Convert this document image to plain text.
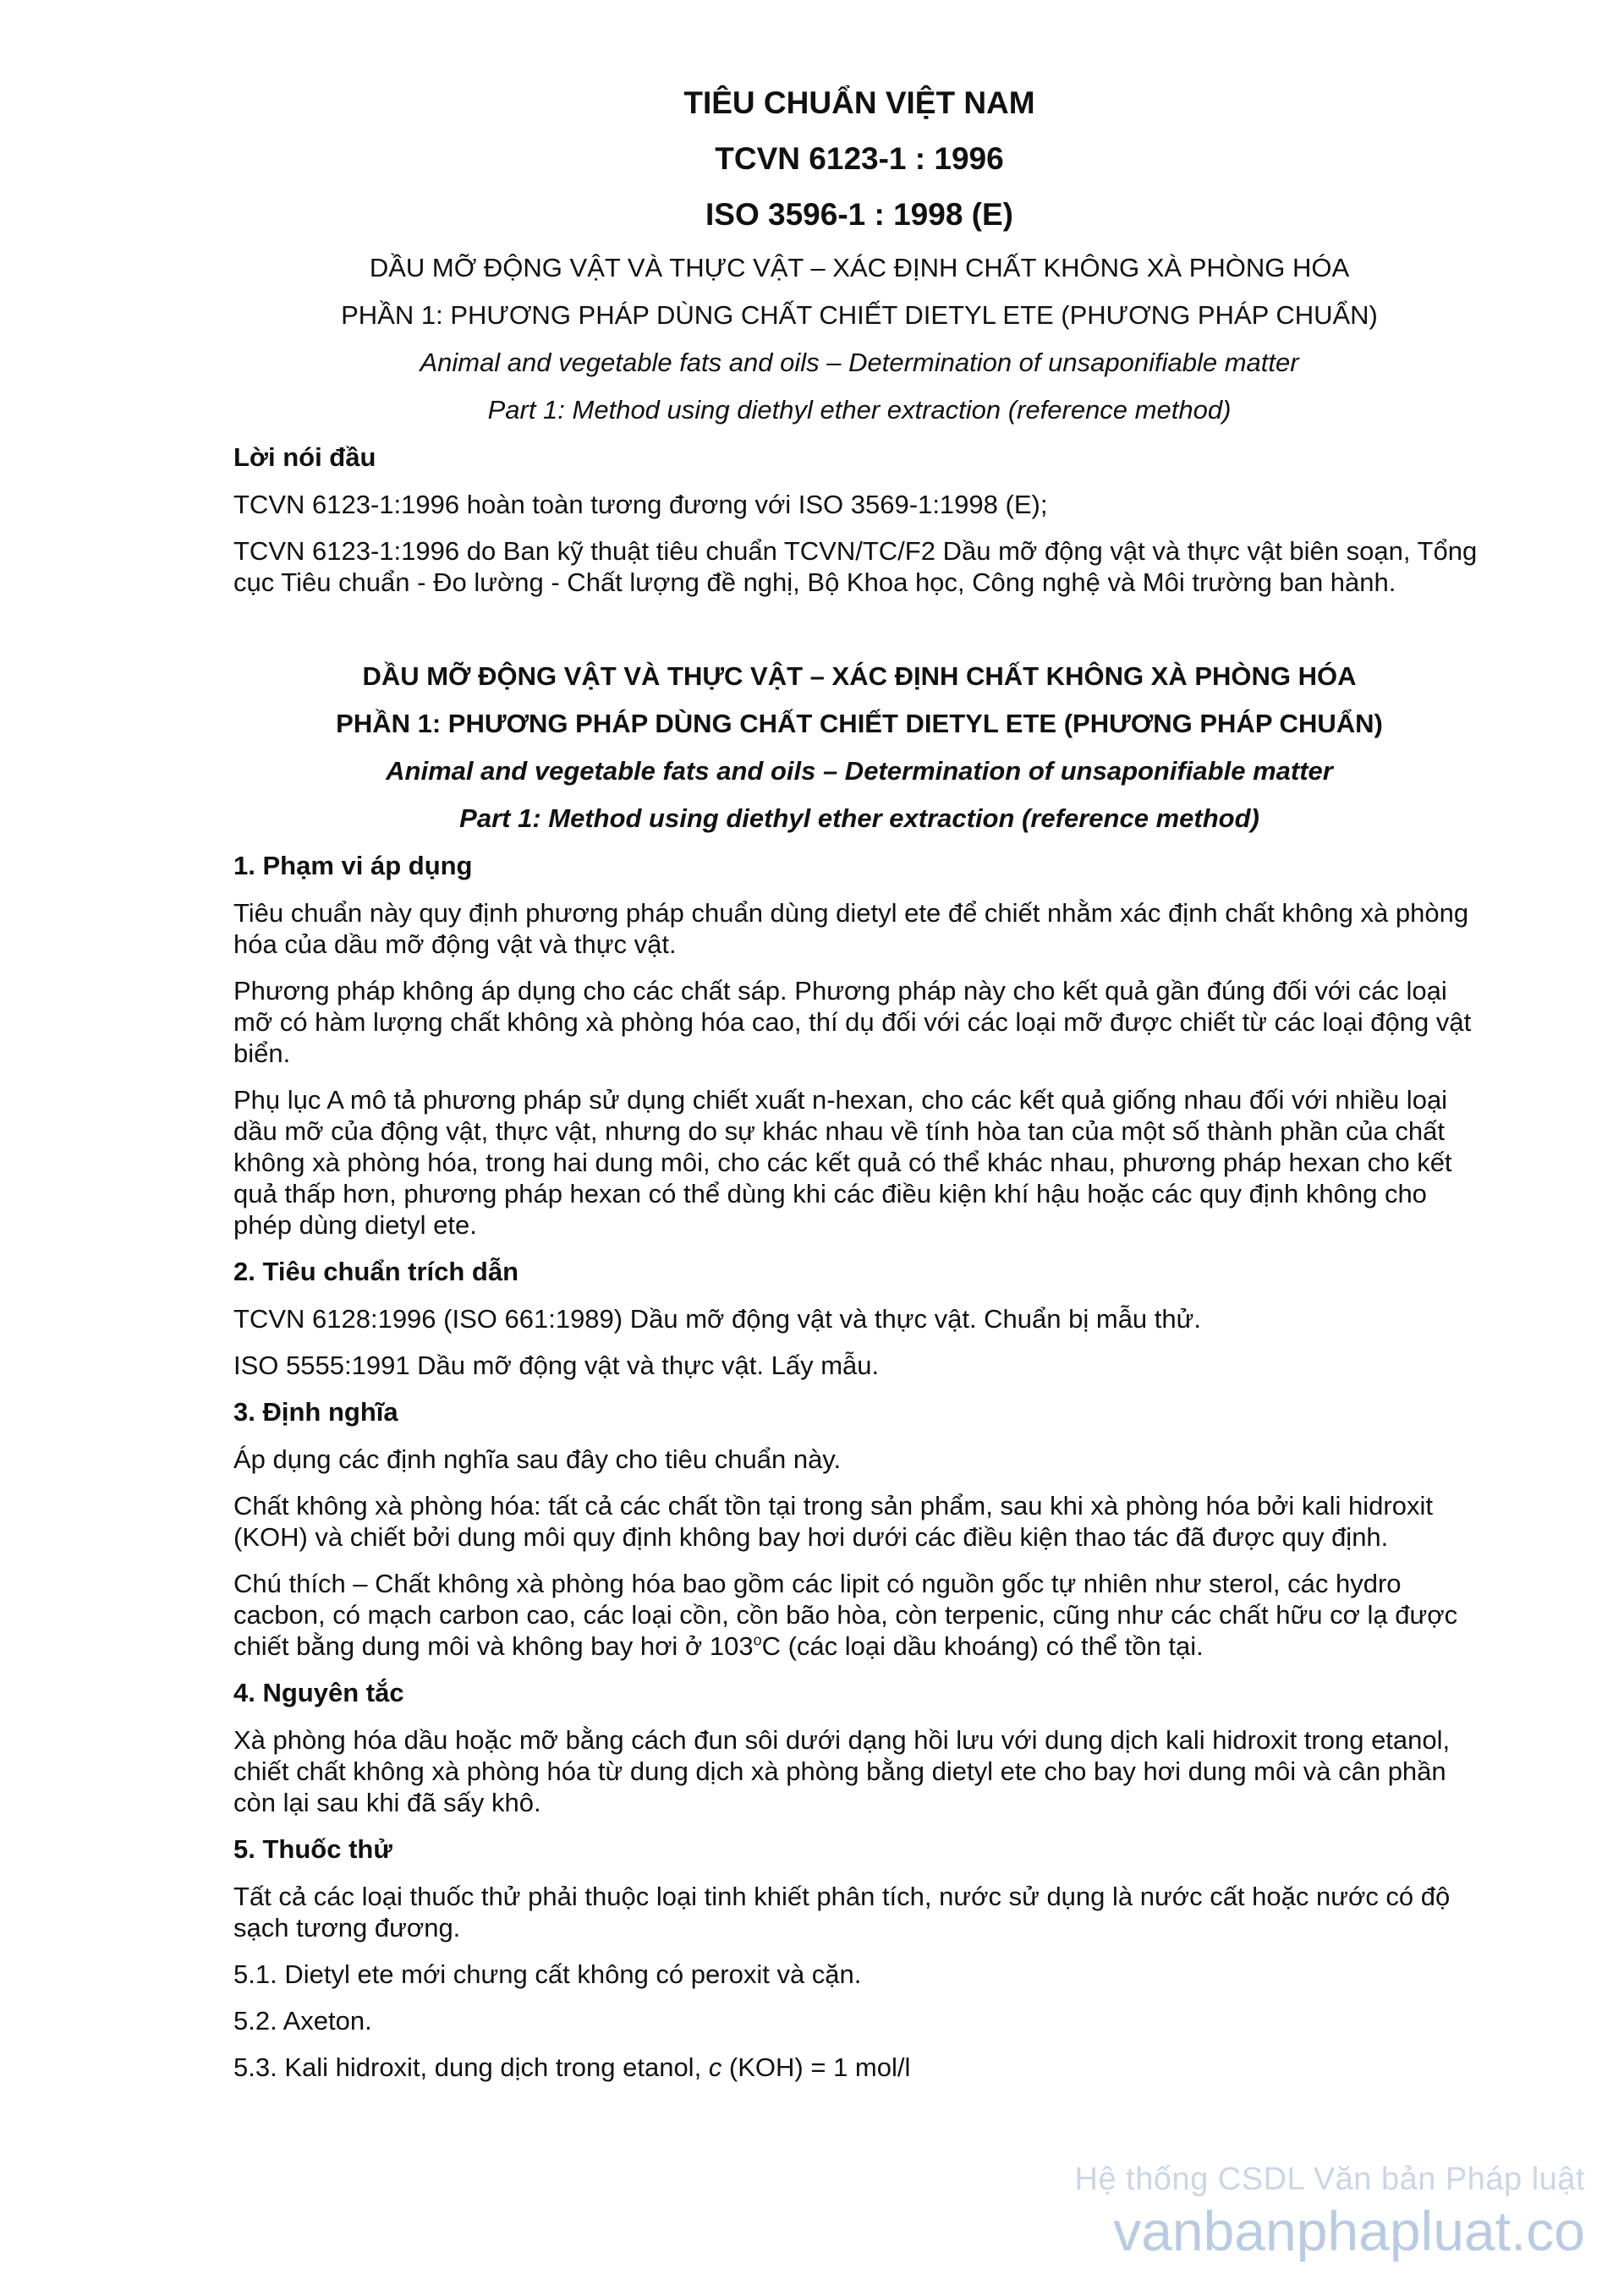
TIÊU CHUẨN VIỆT NAM
TCVN 6123-1 : 1996
ISO 3596-1 : 1998 (E)
DẦU MỠ ĐỘNG VẬT VÀ THỰC VẬT – XÁC ĐỊNH CHẤT KHÔNG XÀ PHÒNG HÓA
PHẦN 1: PHƯƠNG PHÁP DÙNG CHẤT CHIẾT DIETYL ETE (PHƯƠNG PHÁP CHUẨN)
Animal and vegetable fats and oils – Determination of unsaponifiable matter
Part 1: Method using diethyl ether extraction (reference method)
Lời nói đầu
TCVN 6123-1:1996 hoàn toàn tương đương với ISO 3569-1:1998 (E);
TCVN 6123-1:1996 do Ban kỹ thuật tiêu chuẩn TCVN/TC/F2 Dầu mỡ động vật và thực vật biên soạn, Tổng cục Tiêu chuẩn - Đo lường - Chất lượng đề nghị, Bộ Khoa học, Công nghệ và Môi trường ban hành.
DẦU MỠ ĐỘNG VẬT VÀ THỰC VẬT – XÁC ĐỊNH CHẤT KHÔNG XÀ PHÒNG HÓA
PHẦN 1: PHƯƠNG PHÁP DÙNG CHẤT CHIẾT DIETYL ETE (PHƯƠNG PHÁP CHUẨN)
Animal and vegetable fats and oils – Determination of unsaponifiable matter
Part 1: Method using diethyl ether extraction (reference method)
1. Phạm vi áp dụng
Tiêu chuẩn này quy định phương pháp chuẩn dùng dietyl ete để chiết nhằm xác định chất không xà phòng hóa của dầu mỡ động vật và thực vật.
Phương pháp không áp dụng cho các chất sáp. Phương pháp này cho kết quả gần đúng đối với các loại mỡ có hàm lượng chất không xà phòng hóa cao, thí dụ đối với các loại mỡ được chiết từ các loại động vật biển.
Phụ lục A mô tả phương pháp sử dụng chiết xuất n-hexan, cho các kết quả giống nhau đối với nhiều loại dầu mỡ của động vật, thực vật, nhưng do sự khác nhau về tính hòa tan của một số thành phần của chất không xà phòng hóa, trong hai dung môi, cho các kết quả có thể khác nhau, phương pháp hexan cho kết quả thấp hơn, phương pháp hexan có thể dùng khi các điều kiện khí hậu hoặc các quy định không cho phép dùng dietyl ete.
2. Tiêu chuẩn trích dẫn
TCVN 6128:1996 (ISO 661:1989) Dầu mỡ động vật và thực vật. Chuẩn bị mẫu thử.
ISO 5555:1991 Dầu mỡ động vật và thực vật. Lấy mẫu.
3. Định nghĩa
Áp dụng các định nghĩa sau đây cho tiêu chuẩn này.
Chất không xà phòng hóa: tất cả các chất tồn tại trong sản phẩm, sau khi xà phòng hóa bởi kali hidroxit (KOH) và chiết bởi dung môi quy định không bay hơi dưới các điều kiện thao tác đã được quy định.
Chú thích – Chất không xà phòng hóa bao gồm các lipit có nguồn gốc tự nhiên như sterol, các hydro cacbon, có mạch carbon cao, các loại cồn, cồn bão hòa, còn terpenic, cũng như các chất hữu cơ lạ được chiết bằng dung môi và không bay hơi ở 103$^o$C (các loại dầu khoáng) có thể tồn tại.
4. Nguyên tắc
Xà phòng hóa dầu hoặc mỡ bằng cách đun sôi dưới dạng hồi lưu với dung dịch kali hidroxit trong etanol, chiết chất không xà phòng hóa từ dung dịch xà phòng bằng dietyl ete cho bay hơi dung môi và cân phần còn lại sau khi đã sấy khô.
5. Thuốc thử
Tất cả các loại thuốc thử phải thuộc loại tinh khiết phân tích, nước sử dụng là nước cất hoặc nước có độ sạch tương đương.
5.1. Dietyl ete mới chưng cất không có peroxit và cặn.
5.2. Axeton.
5.3. Kali hidroxit, dung dịch trong etanol, c (KOH) = 1 mol/l
Hệ thống CSDL Văn bản Pháp luật
vanbanphapluat.co
